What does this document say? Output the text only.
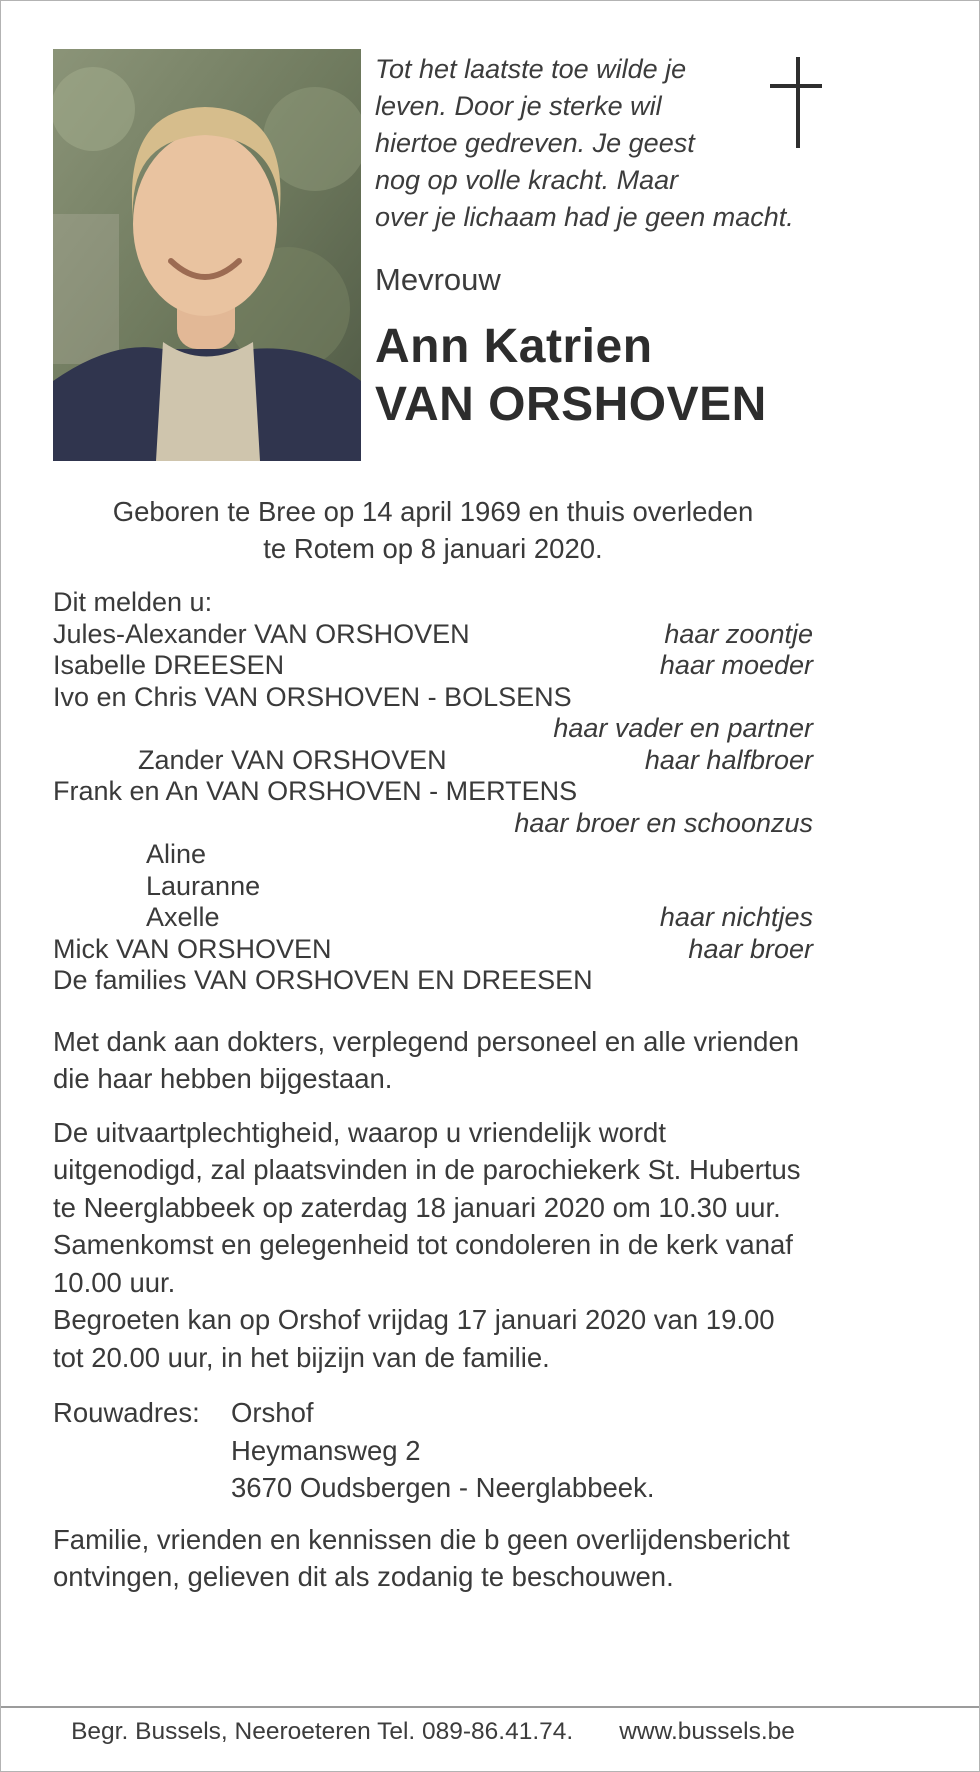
Tot het laatste toe wilde je
leven. Door je sterke wil
hiertoe gedreven. Je geest
nog op volle kracht. Maar
over je lichaam had je geen macht.
Mevrouw
Ann Katrien
VAN ORSHOVEN
Geboren te Bree op 14 april 1969 en thuis overleden
te Rotem op 8 januari 2020.
Dit melden u:
Jules-Alexander VAN ORSHOVEN	haar zoontje
Isabelle DREESEN	haar moeder
Ivo en Chris VAN ORSHOVEN - BOLSENS
haar vader en partner
Zander VAN ORSHOVEN	haar halfbroer
Frank en An VAN ORSHOVEN - MERTENS
haar broer en schoonzus
Aline
Lauranne
Axelle	haar nichtjes
Mick VAN ORSHOVEN	haar broer
De families VAN ORSHOVEN EN DREESEN
Met dank aan dokters, verplegend personeel en alle vrienden
die haar hebben bijgestaan.
De uitvaartplechtigheid, waarop u vriendelijk wordt
uitgenodigd, zal plaatsvinden in de parochiekerk St. Hubertus
te Neerglabbeek op zaterdag 18 januari 2020 om 10.30 uur.
Samenkomst en gelegenheid tot condoleren in de kerk vanaf
10.00 uur.
Begroeten kan op Orshof vrijdag 17 januari 2020 van 19.00
tot 20.00 uur, in het bijzijn van de familie.
Rouwadres:	Orshof
Heymansweg 2
3670 Oudsbergen - Neerglabbeek.
Familie, vrienden en kennissen die b geen overlijdensbericht
ontvingen, gelieven dit als zodanig te beschouwen.
Begr. Bussels, Neeroeteren Tel. 089-86.41.74. www.bussels.be
